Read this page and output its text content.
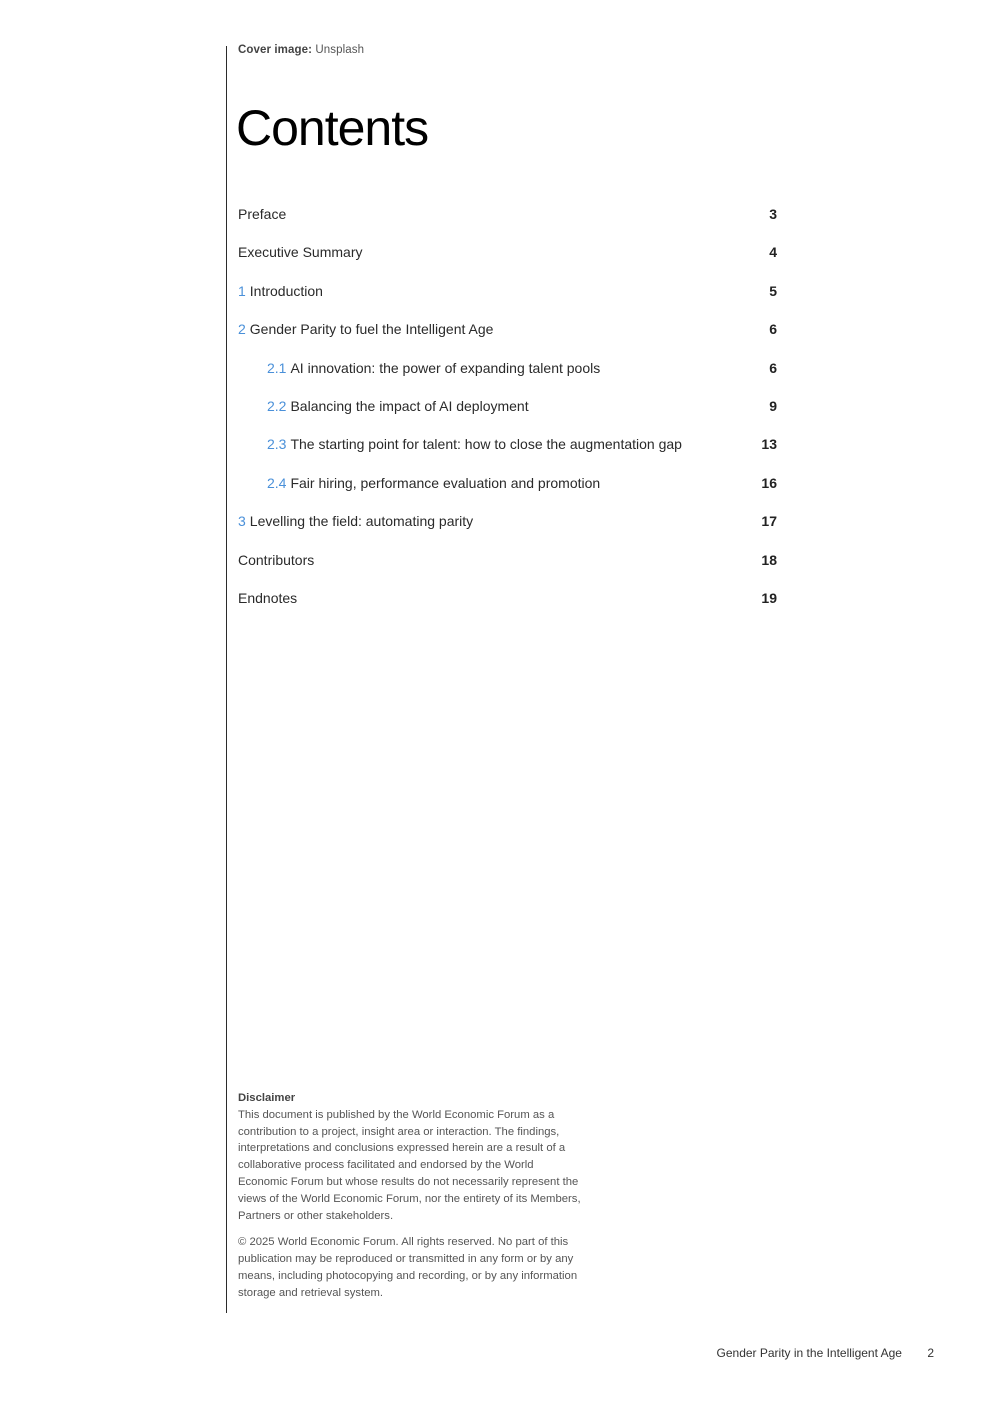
Cover image: Unsplash
Contents
Preface	3
Executive Summary	4
1 Introduction	5
2 Gender Parity to fuel the Intelligent Age	6
2.1 AI innovation: the power of expanding talent pools	6
2.2 Balancing the impact of AI deployment	9
2.3 The starting point for talent: how to close the augmentation gap	13
2.4 Fair hiring, performance evaluation and promotion	16
3 Levelling the field: automating parity	17
Contributors	18
Endnotes	19

Disclaimer

This document is published by the World Economic Forum as a contribution to a project, insight area or interaction. The findings, interpretations and conclusions expressed herein are a result of a collaborative process facilitated and endorsed by the World Economic Forum but whose results do not necessarily represent the views of the World Economic Forum, nor the entirety of its Members, Partners or other stakeholders.

© 2025 World Economic Forum. All rights reserved. No part of this publication may be reproduced or transmitted in any form or by any means, including photocopying and recording, or by any information storage and retrieval system.

Gender Parity in the Intelligent Age 2
